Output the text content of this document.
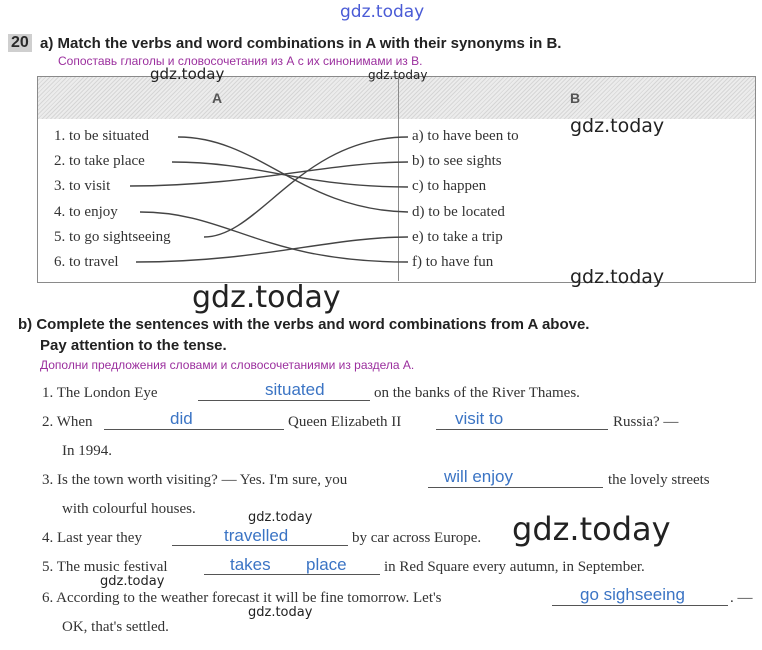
gdz.today
20 a) Match the verbs and word combinations in A with their synonyms in B.
Сопоставь глаголы и словосочетания из А с их синонимами из В.
A	B
1. to be situated
2. to take place
3. to visit
4. to enjoy
5. to go sightseeing
6. to travel
a) to have been to
b) to see sights
c) to happen
d) to be located
e) to take a trip
f) to have fun
gdz.today	gdz.today
gdz.today
gdz.today
gdz.today
b) Complete the sentences with the verbs and word combinations from A above.
Pay attention to the tense.
Дополни предложения словами и словосочетаниями из раздела А.
1. The London Eye	situated	on the banks of the River Thames.
2. When	did	Queen Elizabeth II	visit to	Russia? —
In 1994.
3. Is the town worth visiting? — Yes. I'm sure, you	will enjoy	the lovely streets
with colourful houses.
4. Last year they	travelled	by car across Europe.
5. The music festival	takes place in Red Square every autumn, in September.
6. According to the weather forecast it will be fine tomorrow. Let's	go sighseeing	. —
OK, that's settled.
gdz.today
gdz.today
gdz.today
gdz.today
